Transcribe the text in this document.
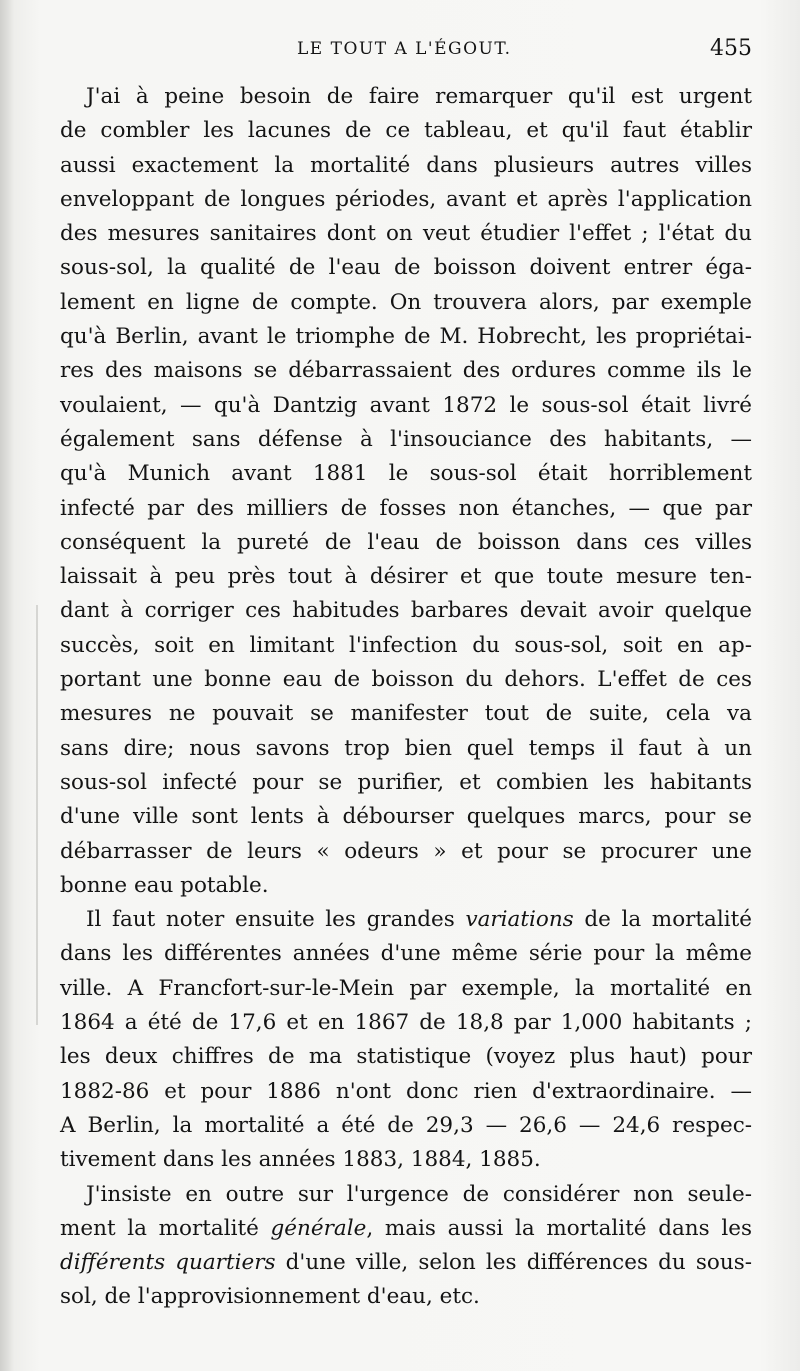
LE TOUT A L'ÉGOUT.	455
J'ai à peine besoin de faire remarquer qu'il est urgent
de combler les lacunes de ce tableau, et qu'il faut établir
aussi exactement la mortalité dans plusieurs autres villes
enveloppant de longues périodes, avant et après l'application
des mesures sanitaires dont on veut étudier l'effet ; l'état du
sous-sol, la qualité de l'eau de boisson doivent entrer éga-
lement en ligne de compte. On trouvera alors, par exemple
qu'à Berlin, avant le triomphe de M. Hobrecht, les propriétai-
res des maisons se débarrassaient des ordures comme ils le
voulaient, — qu'à Dantzig avant 1872 le sous-sol était livré
également sans défense à l'insouciance des habitants, —
qu'à Munich avant 1881 le sous-sol était horriblement
infecté par des milliers de fosses non étanches, — que par
conséquent la pureté de l'eau de boisson dans ces villes
laissait à peu près tout à désirer et que toute mesure ten-
dant à corriger ces habitudes barbares devait avoir quelque
succès, soit en limitant l'infection du sous-sol, soit en ap-
portant une bonne eau de boisson du dehors. L'effet de ces
mesures ne pouvait se manifester tout de suite, cela va
sans dire; nous savons trop bien quel temps il faut à un
sous-sol infecté pour se purifier, et combien les habitants
d'une ville sont lents à débourser quelques marcs, pour se
débarrasser de leurs « odeurs » et pour se procurer une
bonne eau potable.
Il faut noter ensuite les grandes variations de la mortalité
dans les différentes années d'une même série pour la même
ville. A Francfort-sur-le-Mein par exemple, la mortalité en
1864 a été de 17,6 et en 1867 de 18,8 par 1,000 habitants ;
les deux chiffres de ma statistique (voyez plus haut) pour
1882-86 et pour 1886 n'ont donc rien d'extraordinaire. —
A Berlin, la mortalité a été de 29,3 — 26,6 — 24,6 respec-
tivement dans les années 1883, 1884, 1885.
J'insiste en outre sur l'urgence de considérer non seule-
ment la mortalité générale, mais aussi la mortalité dans les
différents quartiers d'une ville, selon les différences du sous-
sol, de l'approvisionnement d'eau, etc.
